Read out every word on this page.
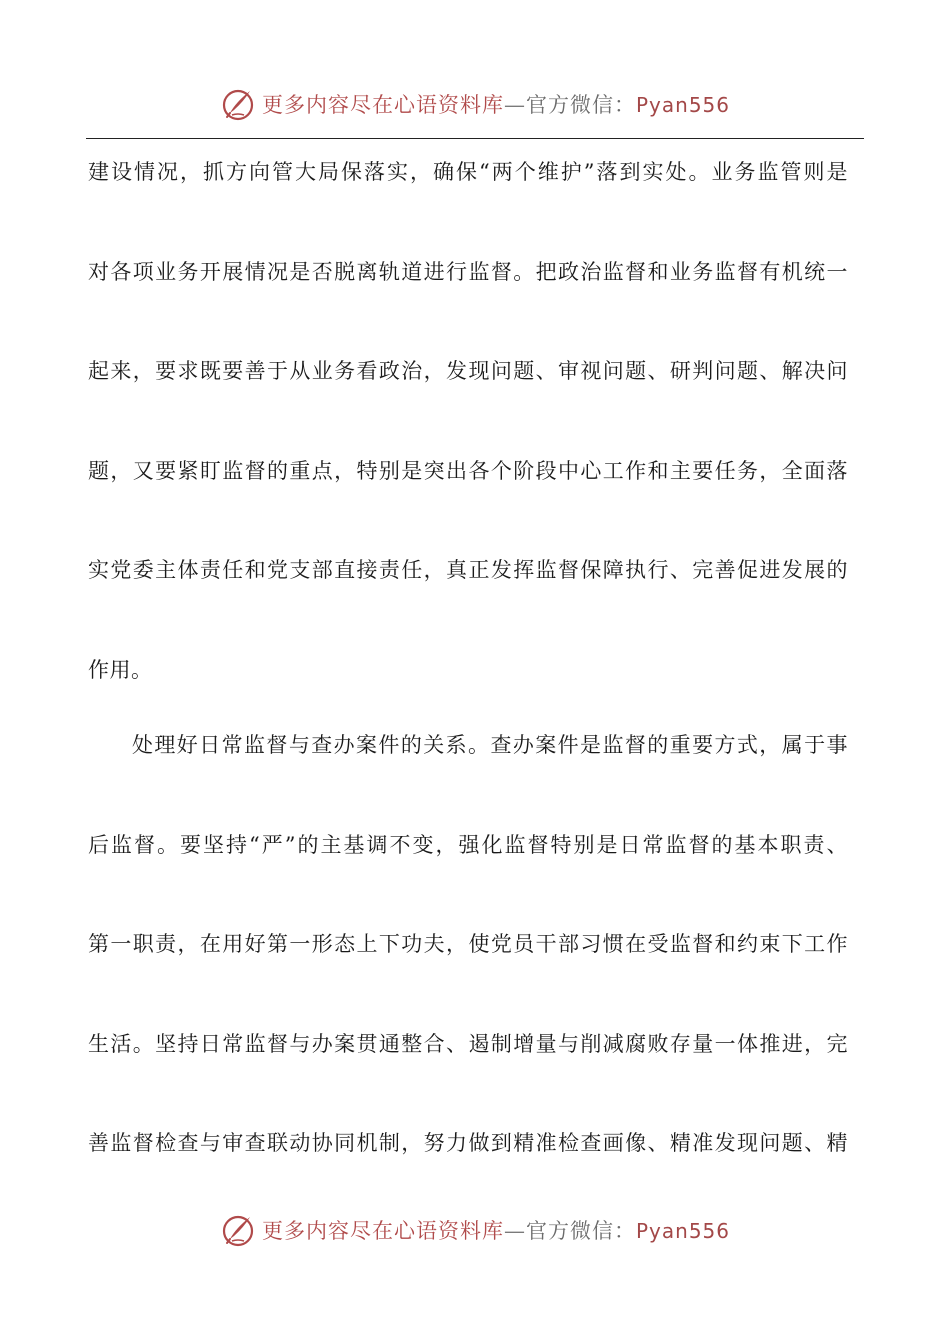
更多内容尽在心语资料库—官方微信：Pyan556
建设情况，抓方向管大局保落实，确保“两个维护”落到实处。业务监管则是
对各项业务开展情况是否脱离轨道进行监督。把政治监督和业务监督有机统一
起来，要求既要善于从业务看政治，发现问题、审视问题、研判问题、解决问
题，又要紧盯监督的重点，特别是突出各个阶段中心工作和主要任务，全面落
实党委主体责任和党支部直接责任，真正发挥监督保障执行、完善促进发展的
作用。
处理好日常监督与查办案件的关系。查办案件是监督的重要方式，属于事
后监督。要坚持“严”的主基调不变，强化监督特别是日常监督的基本职责、
第一职责，在用好第一形态上下功夫，使党员干部习惯在受监督和约束下工作
生活。坚持日常监督与办案贯通整合、遏制增量与削减腐败存量一体推进，完
善监督检查与审查联动协同机制，努力做到精准检查画像、精准发现问题、精
更多内容尽在心语资料库—官方微信：Pyan556
